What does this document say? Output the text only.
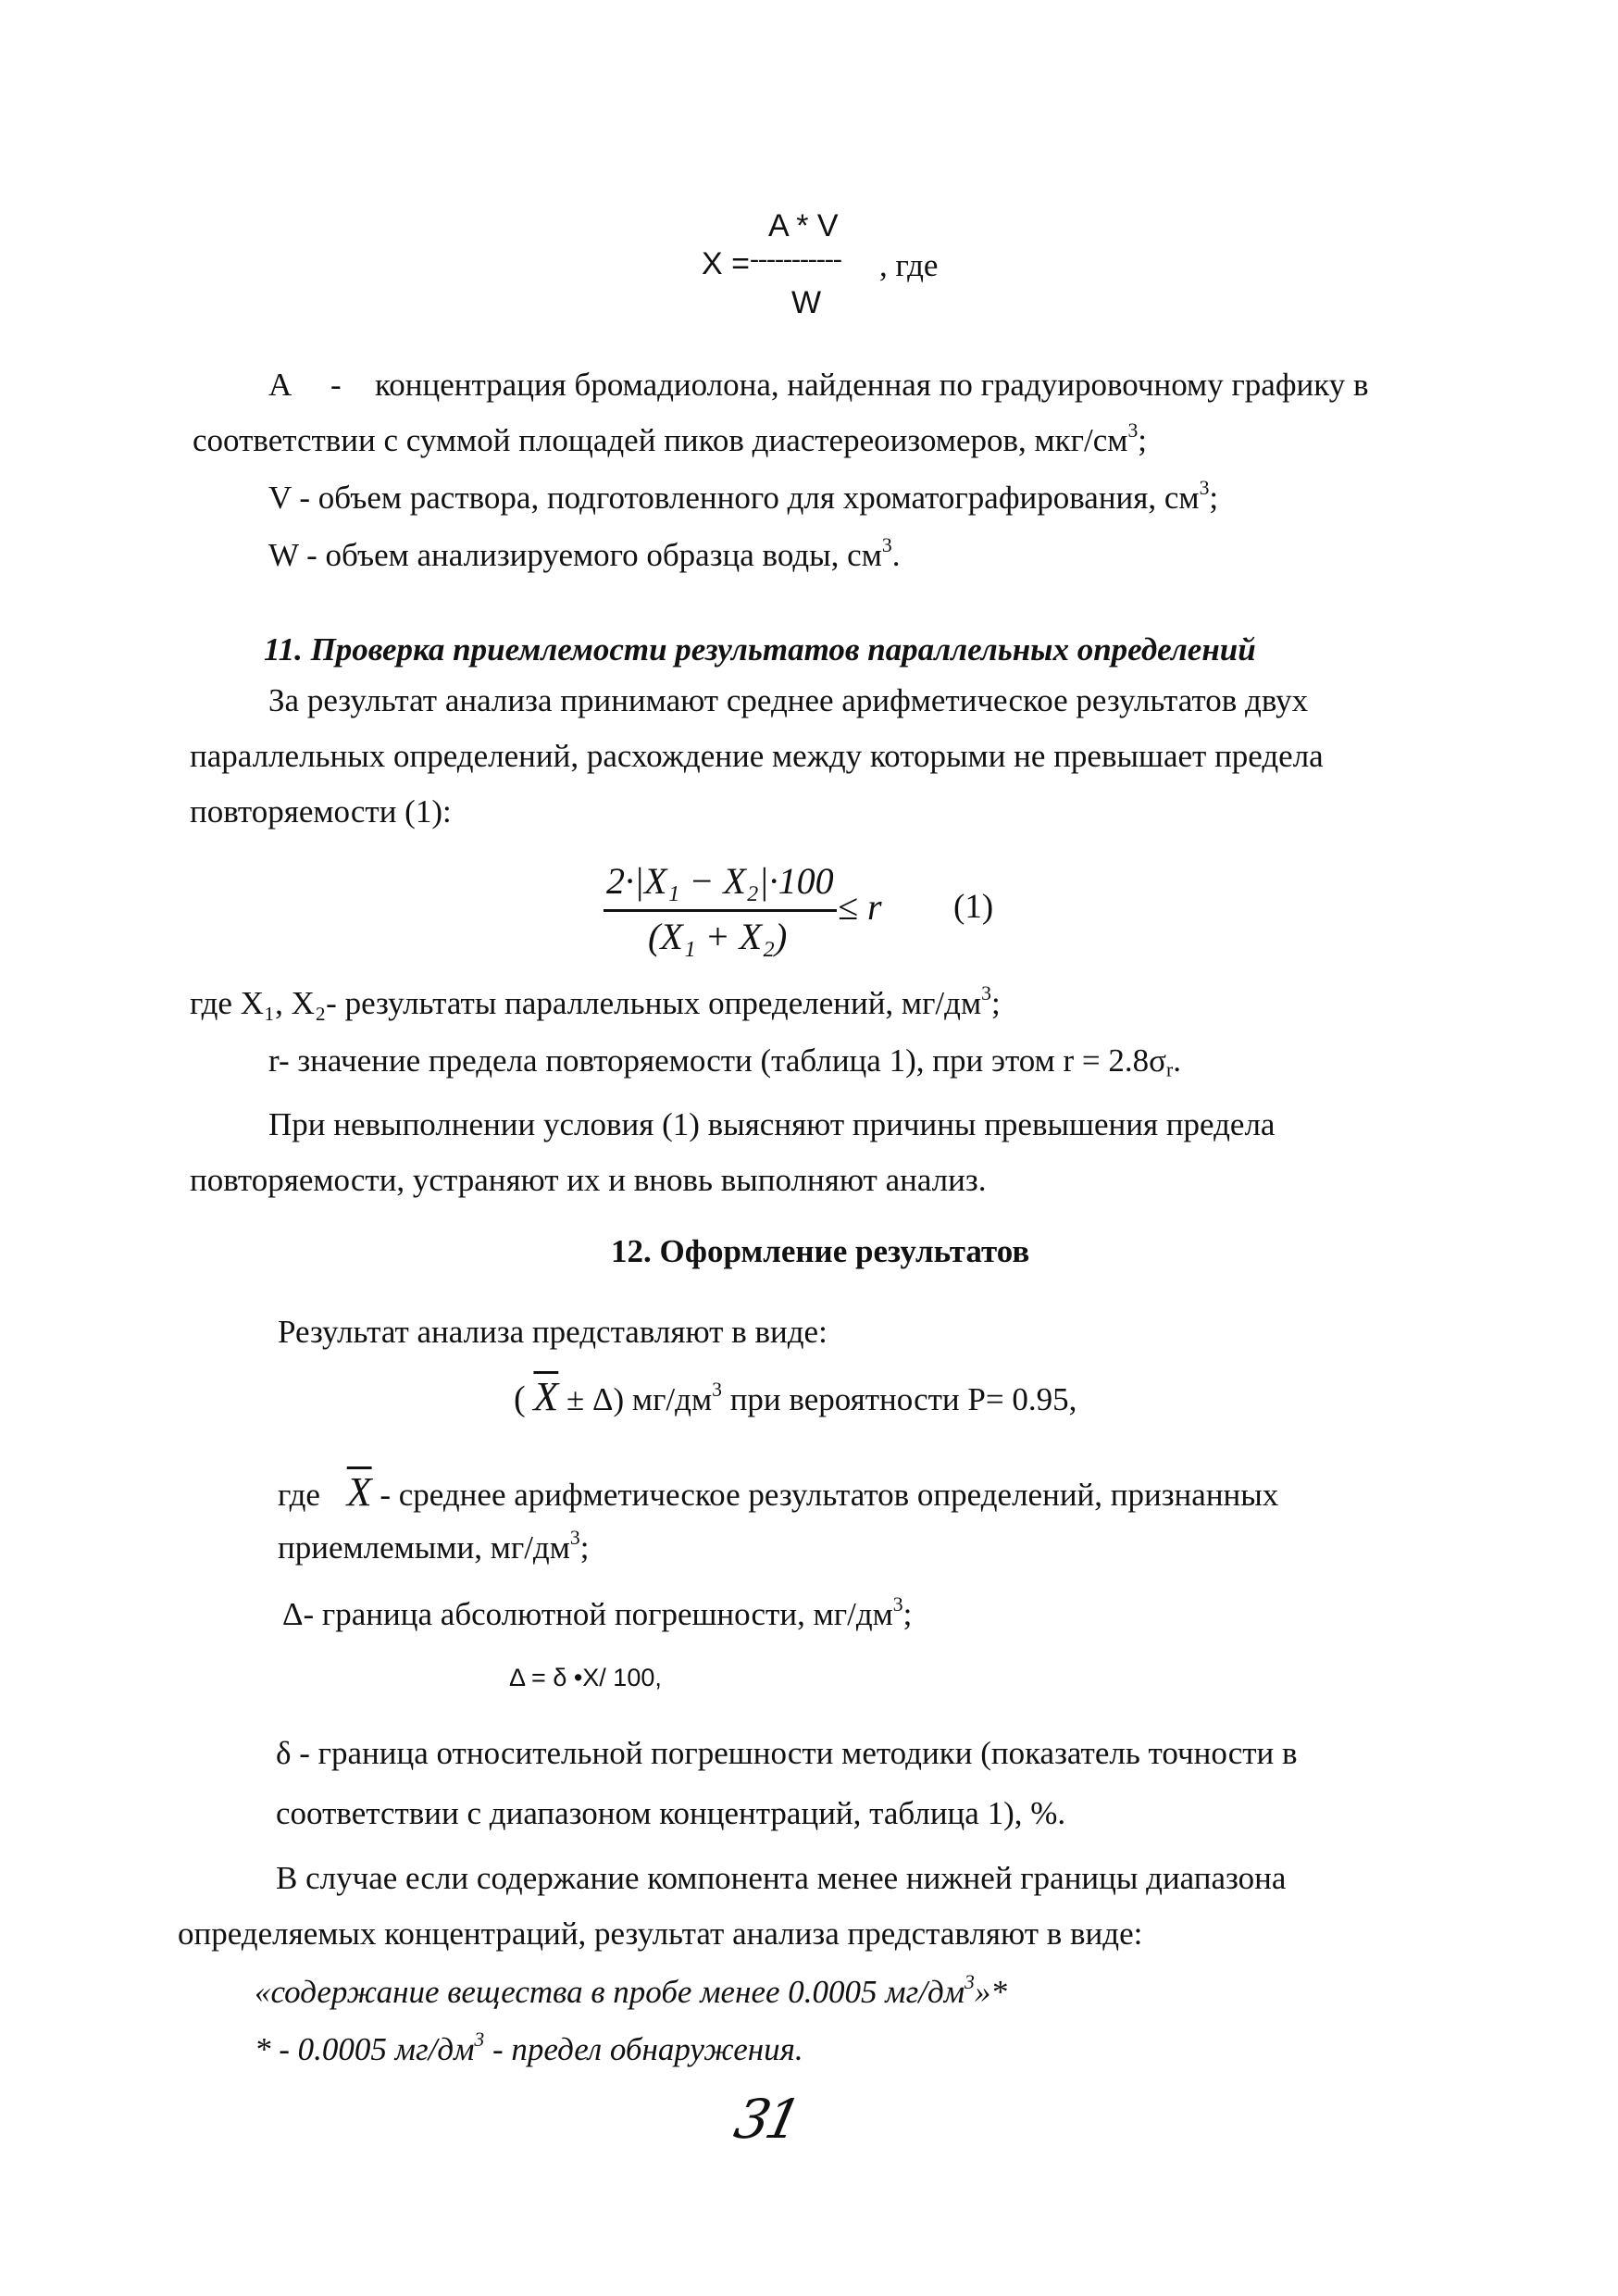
A * V
X = ----------- , где
W
А - концентрация бромадиолона, найденная по градуировочному графику в
соответствии с суммой площадей пиков диастереоизомеров, мкг/$см^3$;
V - объем раствора, подготовленного для хроматографирования, $см^3$;
W - объем анализируемого образца воды, $см^3$.
11. Проверка приемлемости результатов параллельных определений
За результат анализа принимают среднее арифметическое результатов двух
параллельных определений, расхождение между которыми не превышает предела
повторяемости (1):
2·|X₁ − X₂|·100
(X₁ + X₂)
≤ r (1)
где X₁, X₂- результаты параллельных определений, $мг/дм^3$;
r- значение предела повторяемости (таблица 1), при этом $r = 2.8\sigma_r$.
При невыполнении условия (1) выясняют причины превышения предела
повторяемости, устраняют их и вновь выполняют анализ.
12. Оформление результатов
Результат анализа представляют в виде:
( $\overline{X} \pm \Delta$) $мг/дм^3$ при вероятности P= 0.95,
где $\overline{X}$ - среднее арифметическое результатов определений, признанных
приемлемыми, $мг/дм^3$;
Δ- граница абсолютной погрешности, $мг/дм^3$;
Δ = δ •X/ 100,
δ - граница относительной погрешности методики (показатель точности в
соответствии с диапазоном концентраций, таблица 1), %.
В случае если содержание компонента менее нижней границы диапазона
определяемых концентраций, результат анализа представляют в виде:
«содержание вещества в пробе менее 0.0005 $мг/дм^3»*$
* - 0.0005 $мг/дм^3$ - предел обнаружения.
31
